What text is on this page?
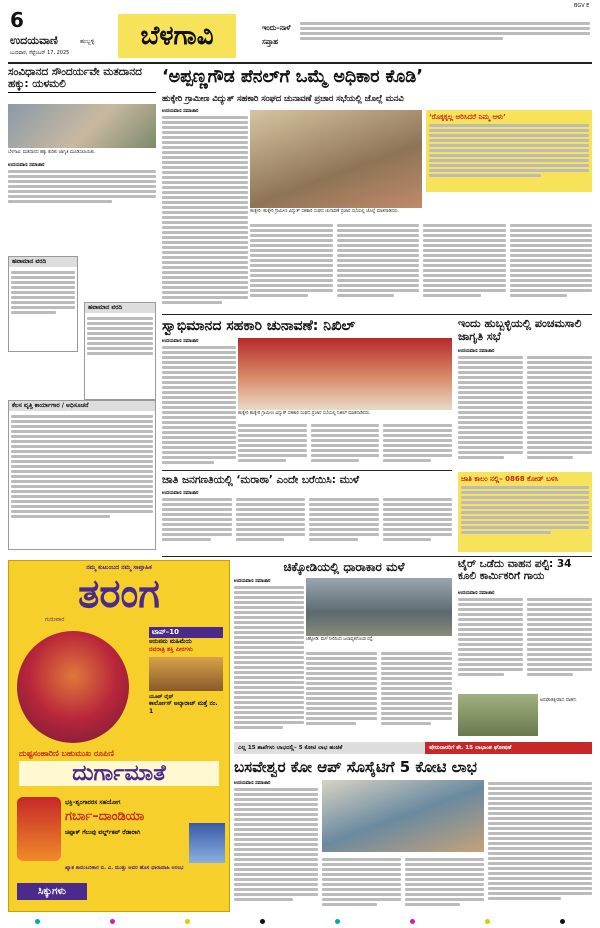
6
ಉದಯವಾಣಿ	ಹುಬ್ಬಳ್ಳಿ
ಬುಧವಾರ, ಸೆಪ್ಟೆಂಬರ್ 17, 2025
ಬೆಳಗಾವಿ	ಇಂದು–ನಾಳೆ
ಸಪ್ತಾಹ
BGV E
ಸಂವಿಧಾನದ ಸೌಂದರ್ಯವೇ ಮತದಾನದ ಹಕ್ಕು: ಯಳಮಲಿ
ಬೆಳಗಾವಿ: ಮತದಾನದ ಹಕ್ಕು ಕುರಿತು ಜಾಗೃತಿ ಮೂಡಿಸಲಾಯಿತು.
ಉದಯವಾಣಿ ಸಮಾಚಾರ
ಹವಾಮಾನ ವರದಿ
ಹವಾಮಾನ ವರದಿ
ಕೆಲಸ ವೃತ್ತಿ ಕಾರ್ಯಾಗಾರ / ಅಧಿಸೂಚನೆ
‘ಅಪ್ಪಣ್ಣಗೌಡ ಪೆನಲ್‌ಗೆ ಒಮ್ಮೆ ಅಧಿಕಾರ ಕೊಡಿ’
ಹುಕ್ಕೇರಿ ಗ್ರಾಮೀಣ ವಿದ್ಯುತ್ ಸಹಕಾರಿ ಸಂಘದ ಚುನಾವಣೆ ಪ್ರಚಾರ ಸಭೆಯಲ್ಲಿ ಜೊಲ್ಲೆ ಮನವಿ
ಉದಯವಾಣಿ ಸಮಾಚಾರ
ಹುಕ್ಕೇರಿ: ಹುಕ್ಕೇರಿ ಗ್ರಾಮೀಣ ವಿದ್ಯುತ್ ಸಹಕಾರಿ ಸಂಘದ ಚುನಾವಣೆ ಪ್ರಚಾರ ಸಭೆಯಲ್ಲಿ ಜೊಲ್ಲೆ ಮಾತನಾಡಿದರು.
‘ರೊಕ್ಕಕ್ಕಲ್ಲ ಆರಿಸಿದರೆ ನಿಮ್ಮ ಆಳು’
ಸ್ವಾಭಿಮಾನದ ಸಹಕಾರಿ ಚುನಾವಣೆ: ನಿಖಿಲ್
ಉದಯವಾಣಿ ಸಮಾಚಾರ
ಹುಕ್ಕೇರಿ ಹುಕ್ಕೇರಿ ಗ್ರಾಮೀಣ ವಿದ್ಯುತ್ ಸಹಕಾರಿ ಸಂಘದ ಪ್ರಚಾರ ಸಭೆಯಲ್ಲಿ ನಿಖಿಲ್ ಮಾತನಾಡಿದರು.
ಇಂದು ಹುಬ್ಬಳ್ಳಿಯಲ್ಲಿ ಪಂಚಮಸಾಲಿ ಜಾಗೃತಿ ಸಭೆ
ಉದಯವಾಣಿ ಸಮಾಚಾರ
ಜಾತಿ ಜನಗಣತಿಯಲ್ಲಿ ‘ಮರಾಠಾ’ ಎಂದೇ ಬರೆಯಿಸಿ: ಮುಳೆ
ಉದಯವಾಣಿ ಸಮಾಚಾರ
ಜಾತಿ ಕಾಲಂ ನಲ್ಲಿ– 0868 ಕೋಡ್ ಬಳಸಿ
ನಮ್ಮ ಕುಟುಂಬದ ನಮ್ಮ ಸಾಪ್ತಾಹಿಕ
ತರಂಗ
ಗುರುವಾರ
ಟಾಪ್‌–10
ಅನುಪಮ ಮಹಿಮೆಯ
ನವರಾತ್ರಿ ಶಕ್ತಿ ಪೀಠಗಳು
ಯೂಟ್ ಲೈಫ್
ಕಾರ್ಲೋಸ್ ಅಲ್ಕಾರಾಜ್ ಮತ್ತೆ ನಂ. 1
ದುಷ್ಟಸಂಹಾರಿಣಿ ಬಹುಮುಖ ರೂಪಿಣಿ
ದುರ್ಗಾಮಾತೆ
ಭಕ್ತಿ–ಶೃಂಗಾರರಸ ಸಹಯೋಗ
ಗರ್ಬಾ–ದಾಂಡಿಯಾ
ಚಿಪ್ಪಾಕ್ ಗೆಲುವು ವರ್ಲ್ಡ್‌ಕಪ್ ರೆಡಾರಾಗಿ
ಖ್ಯಾತ ಕಾದಂಬರಿಕಾರ ಬಿ. ವಿ. ಮುತ್ತು ಅವರ ಹೊಸ ಧಾರಾವಾಹಿ ಆರಂಭ
ಸಿಕ್ಕುಗಳು
ಚಿಕ್ಕೋಡಿಯಲ್ಲಿ ಧಾರಾಕಾರ ಮಳೆ
ಉದಯವಾಣಿ ಸಮಾಚಾರ
ಚಿಕ್ಕೋಡಿ: ಮಳೆ ನೀರಿನಿಂದ ಜಲಾವೃತಗೊಂಡ ರಸ್ತೆ.
ಟೈರ್ ಒಡೆದು ವಾಹನ ಪಲ್ಟಿ: 34 ಕೂಲಿ ಕಾರ್ಮಿಕರಿಗೆ ಗಾಯ
ಉದಯವಾಣಿ ಸಮಾಚಾರ
ಅಪಘಾತಕ್ಕೀಡಾದ ವಾಹನ.
ಎಲ್ಲ 15 ಶಾಖೆಗಳು ಲಾಭದಲ್ಲಿ– 5 ಕೋಟಿ ಲಾಭ ಹಂಚಿಕೆ	ಷೇರುದಾರರಿಗೆ ಶೇ. 15 ಲಾಭಾಂಶ ಘೋಷಣೆ
ಬಸವೇಶ್ವರ ಕೋ ಆಪ್ ಸೊಸೈಟಿಗೆ 5 ಕೋಟಿ ಲಾಭ
ಉದಯವಾಣಿ ಸಮಾಚಾರ
